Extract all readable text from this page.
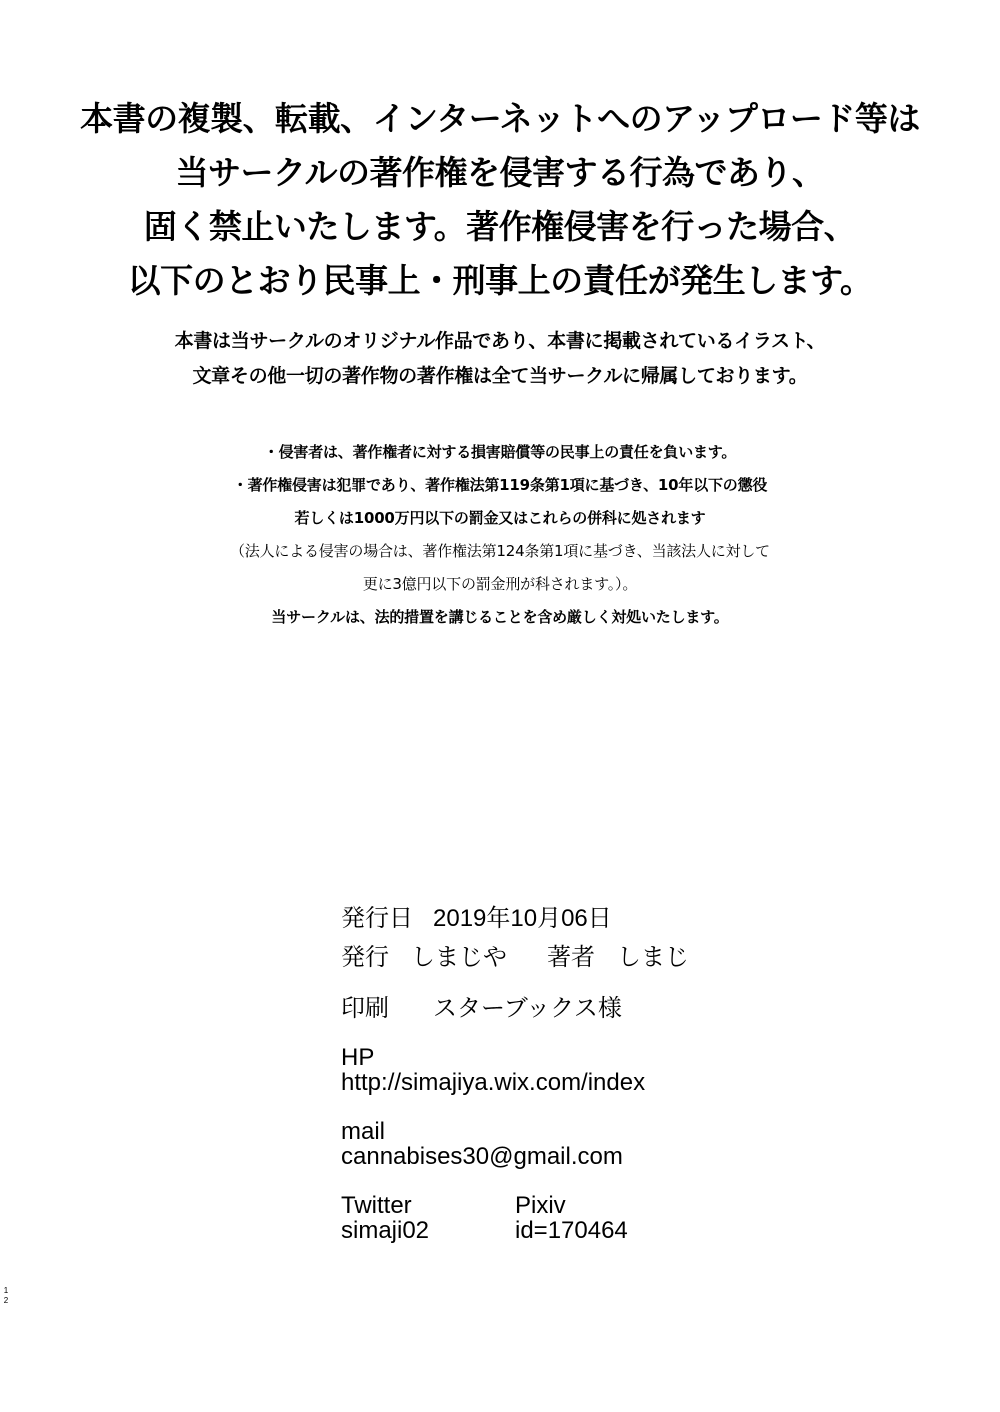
本書の複製、転載、インターネットへのアップロード等は
当サークルの著作権を侵害する行為であり、
固く禁止いたします。著作権侵害を行った場合、
以下のとおり民事上・刑事上の責任が発生します。
本書は当サークルのオリジナル作品であり、本書に掲載されているイラスト、
文章その他一切の著作物の著作権は全て当サークルに帰属しております。
・侵害者は、著作権者に対する損害賠償等の民事上の責任を負います。
・著作権侵害は犯罪であり、著作権法第119条第1項に基づき、10年以下の懲役
若しくは1000万円以下の罰金又はこれらの併科に処されます
（法人による侵害の場合は、著作権法第124条第1項に基づき、当該法人に対して
更に3億円以下の罰金刑が科されます。）。
当サークルは、法的措置を講じることを含め厳しく対処いたします。
発行日 2019年10月06日
発行 しまじや 著者 しまじ
印刷 スターブックス様
HP
http://simajiya.wix.com/index
mail
cannabises30@gmail.com
Twitter	Pixiv
simaji02	id=170464
1
2
